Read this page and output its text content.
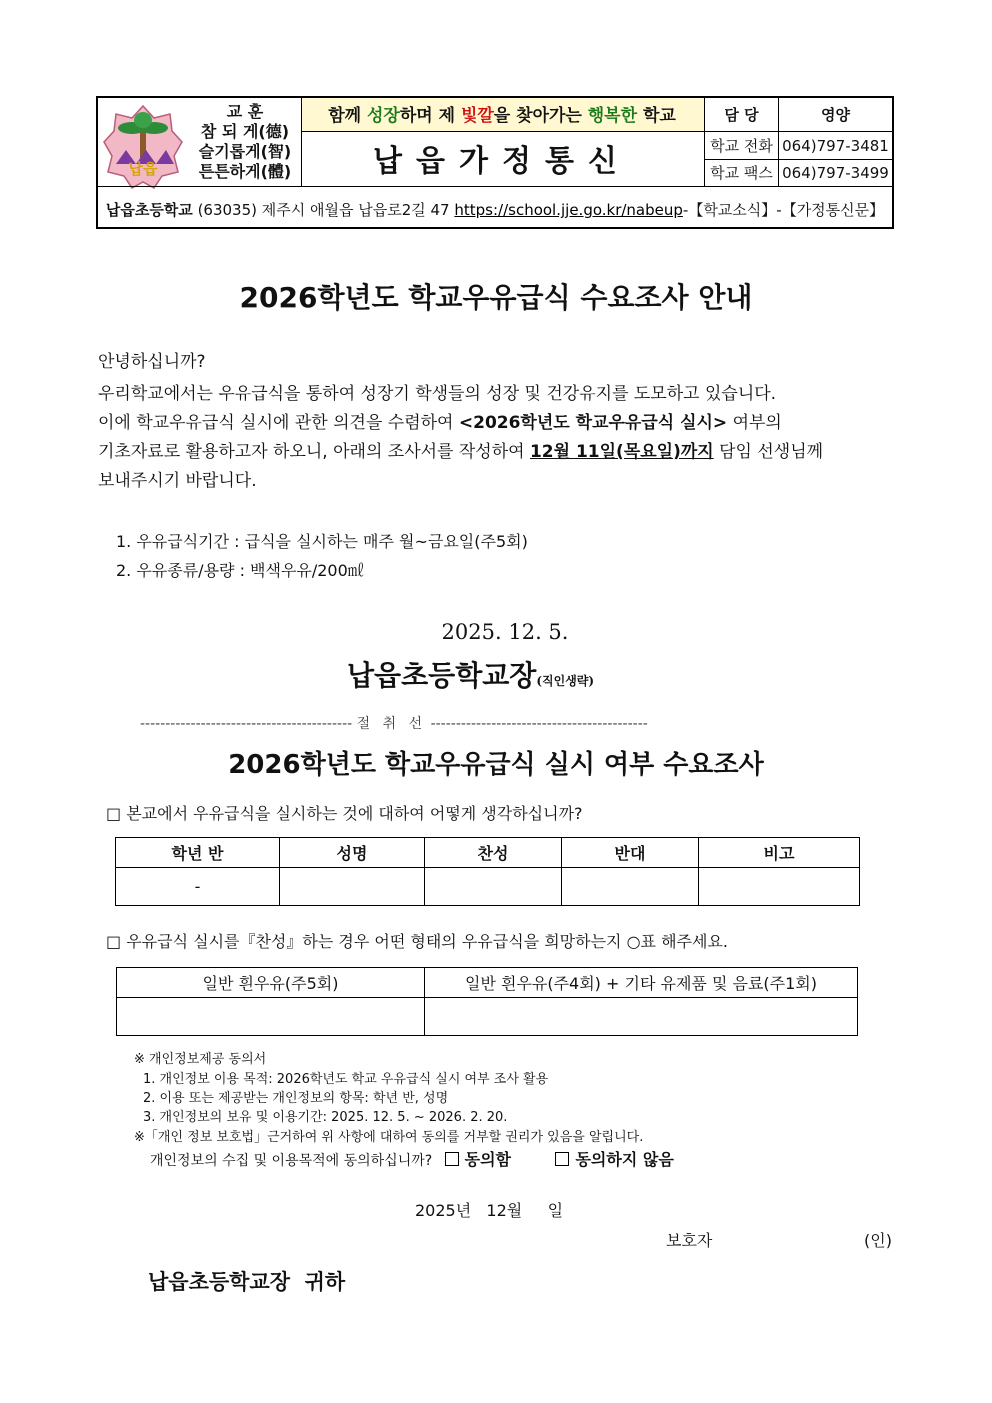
납읍
교 훈
참 되 게(德)
슬기롭게(智)
튼튼하게(體)
함께 성장하며 제 빛깔을 찾아가는 행복한 학교
납읍가정통신
담 당	영양
학교 전화 064)797-3481
학교 팩스 064)797-3499
납읍초등학교 (63035) 제주시 애월읍 납읍로2길 47 https://school.jje.go.kr/nabeup-【학교소식】-【가정통신문】
2026학년도 학교우유급식 수요조사 안내
안녕하십니까?
우리학교에서는 우유급식을 통하여 성장기 학생들의 성장 및 건강유지를 도모하고 있습니다.
이에 학교우유급식 실시에 관한 의견을 수렴하여 <2026학년도 학교우유급식 실시> 여부의
기초자료로 활용하고자 하오니, 아래의 조사서를 작성하여 12월 11일(목요일)까지 담임 선생님께
보내주시기 바랍니다.
1. 우유급식기간 : 급식을 실시하는 매주 월~금요일(주5회)
2. 우유종류/용량 : 백색우유/200㎖
2025. 12. 5.
납읍초등학교장(직인생략)
------------------------------------------ 절 취 선 -------------------------------------------
2026학년도 학교우유급식 실시 여부 수요조사
□ 본교에서 우유급식을 실시하는 것에 대하여 어떻게 생각하십니까?
학년 반	성명	찬성	반대	비고
-				
□ 우유급식 실시를『찬성』하는 경우 어떤 형태의 우유급식을 희망하는지 ○표 해주세요.
일반 흰우유(주5회)	일반 흰우유(주4회) + 기타 유제품 및 음료(주1회)

※ 개인정보제공 동의서
1. 개인정보 이용 목적: 2026학년도 학교 우유급식 실시 여부 조사 활용
2. 이용 또는 제공받는 개인정보의 항목: 학년 반, 성명
3. 개인정보의 보유 및 이용기간: 2025. 12. 5. ~ 2026. 2. 20.
※「개인 정보 보호법」근거하여 위 사항에 대하여 동의를 거부할 권리가 있음을 알립니다.
개인정보의 수집 및 이용목적에 동의하십니까? 동의함	동의하지 않음
2025년   12월     일
보호자	(인)
납읍초등학교장  귀하
